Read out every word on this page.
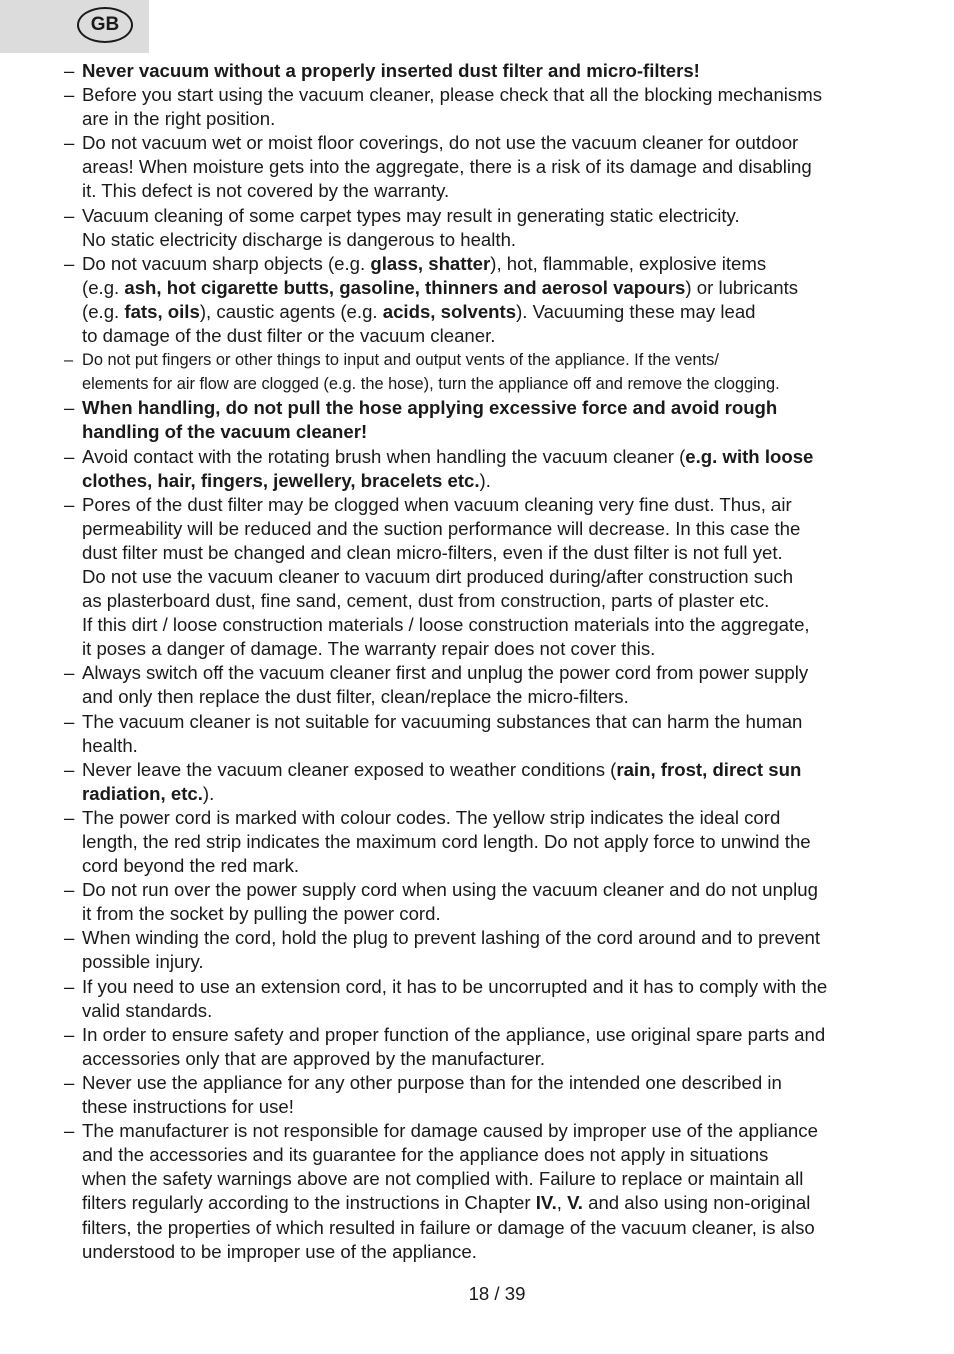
GB
– Never vacuum without a properly inserted dust filter and micro-filters!
– Before you start using the vacuum cleaner, please check that all the blocking mechanisms
are in the right position.
– Do not vacuum wet or moist floor coverings, do not use the vacuum cleaner for outdoor
areas! When moisture gets into the aggregate, there is a risk of its damage and disabling
it. This defect is not covered by the warranty.
– Vacuum cleaning of some carpet types may result in generating static electricity.
No static electricity discharge is dangerous to health.
– Do not vacuum sharp objects (e.g. glass, shatter), hot, flammable, explosive items
(e.g. ash, hot cigarette butts, gasoline, thinners and aerosol vapours) or lubricants
(e.g. fats, oils), caustic agents (e.g. acids, solvents). Vacuuming these may lead
to damage of the dust filter or the vacuum cleaner.
– Do not put fingers or other things to input and output vents of the appliance. If the vents/
elements for air flow are clogged (e.g. the hose), turn the appliance off and remove the clogging.
– When handling, do not pull the hose applying excessive force and avoid rough
handling of the vacuum cleaner!
– Avoid contact with the rotating brush when handling the vacuum cleaner (e.g. with loose
clothes, hair, fingers, jewellery, bracelets etc.).
– Pores of the dust filter may be clogged when vacuum cleaning very fine dust. Thus, air
permeability will be reduced and the suction performance will decrease. In this case the
dust filter must be changed and clean micro-filters, even if the dust filter is not full yet.
Do not use the vacuum cleaner to vacuum dirt produced during/after construction such
as plasterboard dust, fine sand, cement, dust from construction, parts of plaster etc.
If this dirt / loose construction materials / loose construction materials into the aggregate,
it poses a danger of damage. The warranty repair does not cover this.
– Always switch off the vacuum cleaner first and unplug the power cord from power supply
and only then replace the dust filter, clean/replace the micro-filters.
– The vacuum cleaner is not suitable for vacuuming substances that can harm the human
health.
– Never leave the vacuum cleaner exposed to weather conditions (rain, frost, direct sun
radiation, etc.).
– The power cord is marked with colour codes. The yellow strip indicates the ideal cord
length, the red strip indicates the maximum cord length. Do not apply force to unwind the
cord beyond the red mark.
– Do not run over the power supply cord when using the vacuum cleaner and do not unplug
it from the socket by pulling the power cord.
– When winding the cord, hold the plug to prevent lashing of the cord around and to prevent
possible injury.
– If you need to use an extension cord, it has to be uncorrupted and it has to comply with the
valid standards.
– In order to ensure safety and proper function of the appliance, use original spare parts and
accessories only that are approved by the manufacturer.
– Never use the appliance for any other purpose than for the intended one described in
these instructions for use!
– The manufacturer is not responsible for damage caused by improper use of the appliance
and the accessories and its guarantee for the appliance does not apply in situations
when the safety warnings above are not complied with. Failure to replace or maintain all
filters regularly according to the instructions in Chapter IV., V. and also using non-original
filters, the properties of which resulted in failure or damage of the vacuum cleaner, is also
understood to be improper use of the appliance.
18 / 39
